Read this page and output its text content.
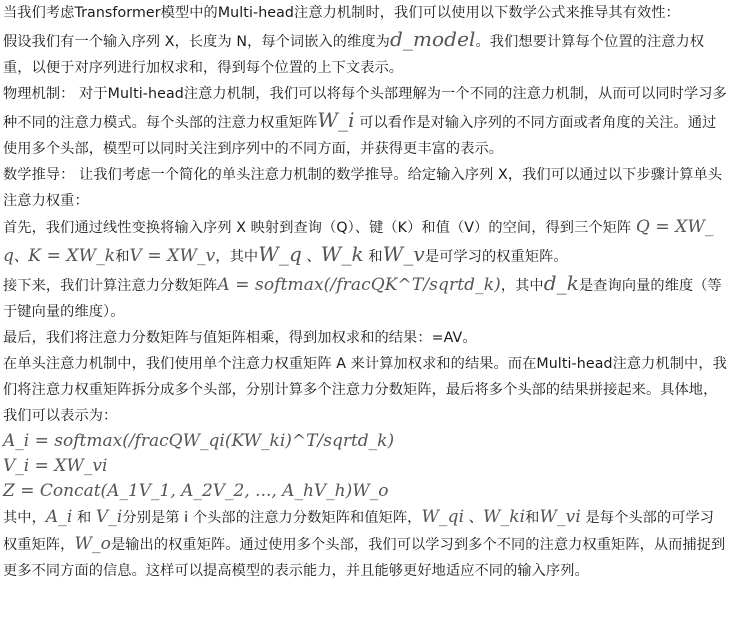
当我们考虑Transformer模型中的Multi-head注意力机制时，我们可以使用以下数学公式来推导其有效性：

假设我们有一个输入序列 X，长度为 N，每个词嵌入的维度为d_model。我们想要计算每个位置的注意力权重，以便于对序列进行加权求和，得到每个位置的上下文表示。

物理机制： 对于Multi-head注意力机制，我们可以将每个头部理解为一个不同的注意力机制，从而可以同时学习多种不同的注意力模式。每个头部的注意力权重矩阵W_i 可以看作是对输入序列的不同方面或者角度的关注。通过使用多个头部，模型可以同时关注到序列中的不同方面，并获得更丰富的表示。

数学推导： 让我们考虑一个简化的单头注意力机制的数学推导。给定输入序列 X，我们可以通过以下步骤计算单头注意力权重：

首先，我们通过线性变换将输入序列 X 映射到查询（Q）、键（K）和值（V）的空间，得到三个矩阵 Q = XW_q、K = XW_k和V = XW_v，其中W_q 、W_k 和W_v是可学习的权重矩阵。

接下来，我们计算注意力分数矩阵A = softmax(/fracQK^T/sqrtd_k)，其中d_k是查询向量的维度（等于键向量的维度）。

最后，我们将注意力分数矩阵与值矩阵相乘，得到加权求和的结果：=AV。

在单头注意力机制中，我们使用单个注意力权重矩阵 A 来计算加权求和的结果。而在Multi-head注意力机制中，我们将注意力权重矩阵拆分成多个头部，分别计算多个注意力分数矩阵，最后将多个头部的结果拼接起来。具体地，我们可以表示为：

A_i = softmax(/fracQW_qi(KW_ki)^T/sqrtd_k)

V_i = XW_vi

Z = Concat(A_1V_1, A_2V_2, ..., A_hV_h)W_o

其中，A_i 和 V_i分别是第 i 个头部的注意力分数矩阵和值矩阵，W_qi 、W_ki和W_vi 是每个头部的可学习权重矩阵，W_o是输出的权重矩阵。通过使用多个头部，我们可以学习到多个不同的注意力权重矩阵，从而捕捉到更多不同方面的信息。这样可以提高模型的表示能力，并且能够更好地适应不同的输入序列。
